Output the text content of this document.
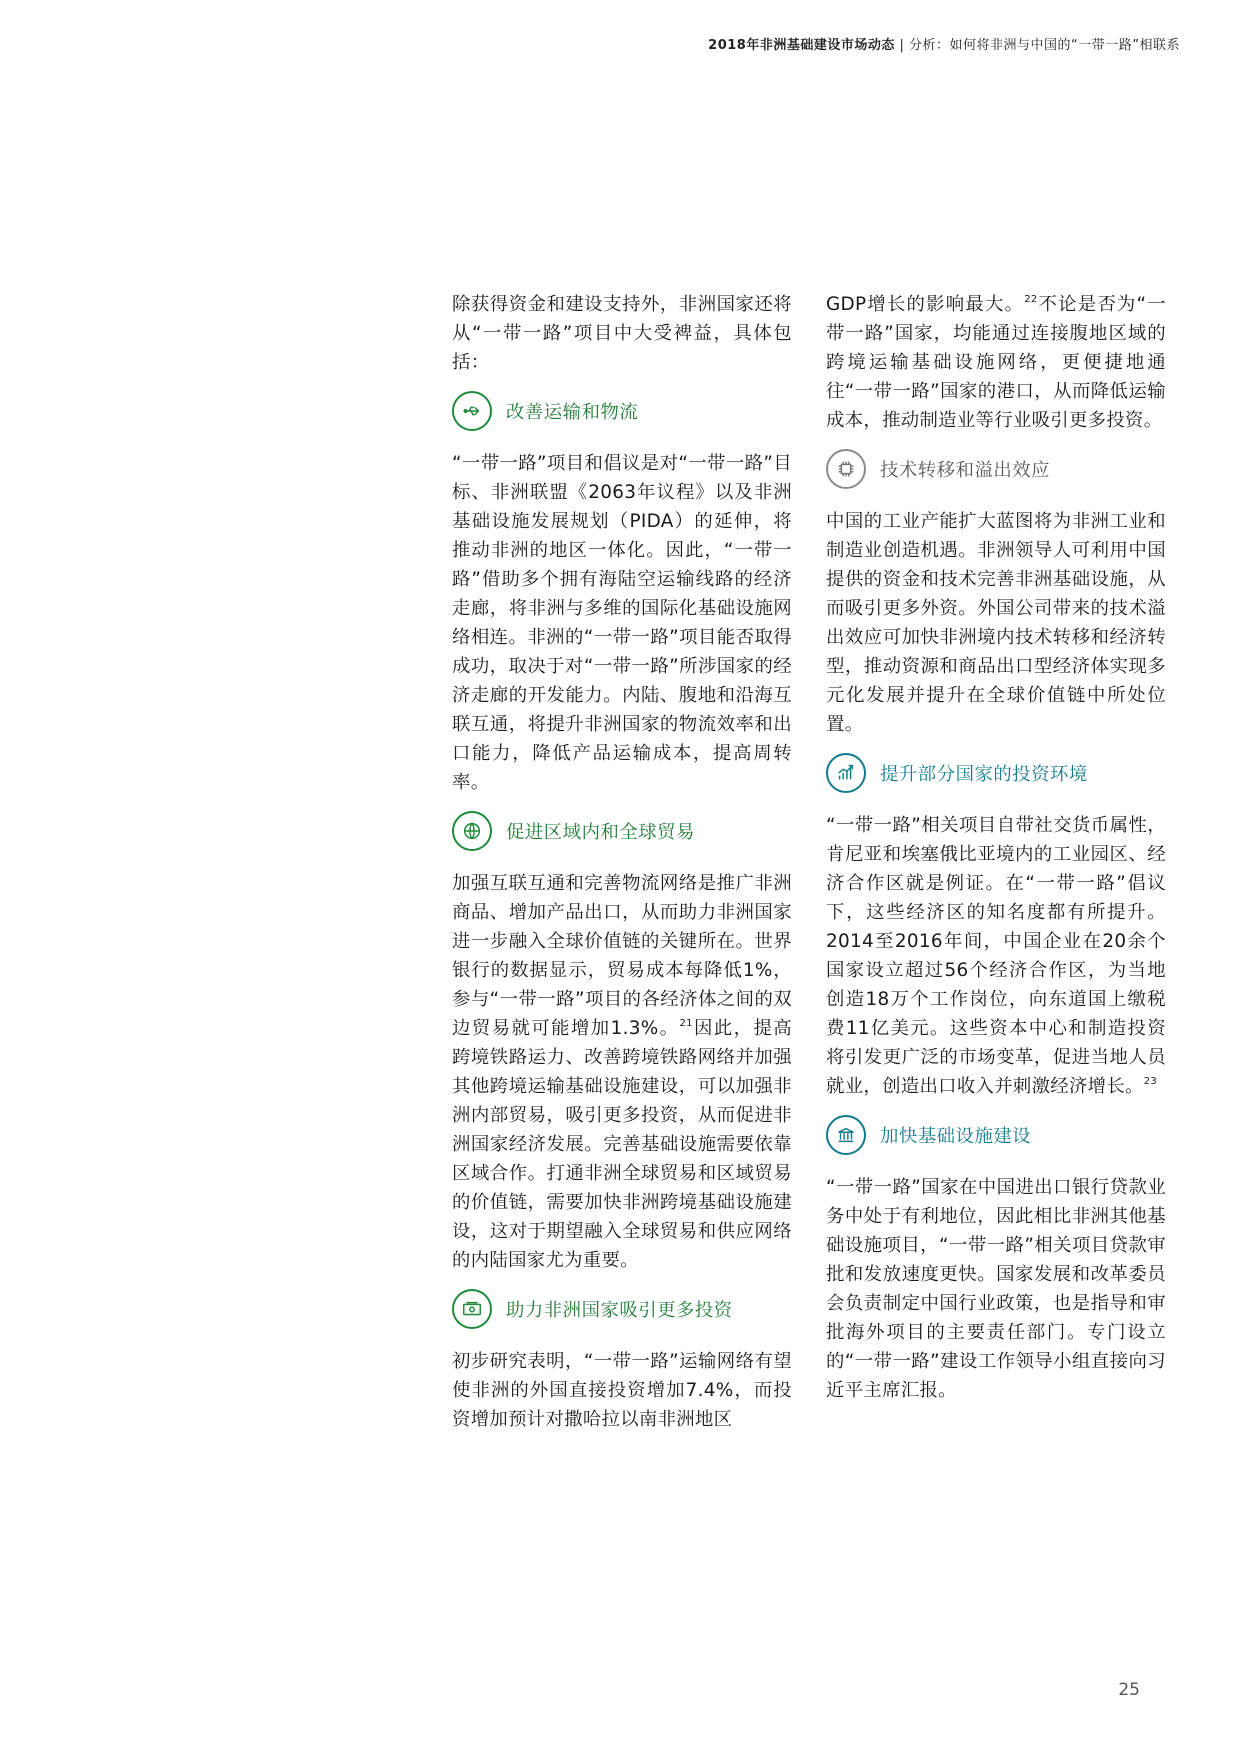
2018年非洲基础建设市场动态 | 分析：如何将非洲与中国的“一带一路”相联系

除获得资金和建设支持外，非洲国家还将从“一带一路”项目中大受裨益，具体包括：

改善运输和物流

“一带一路”项目和倡议是对“一带一路”目标、非洲联盟《2063年议程》以及非洲基础设施发展规划（PIDA）的延伸，将推动非洲的地区一体化。因此，“一带一路”借助多个拥有海陆空运输线路的经济走廊，将非洲与多维的国际化基础设施网络相连。非洲的“一带一路”项目能否取得成功，取决于对“一带一路”所涉国家的经济走廊的开发能力。内陆、腹地和沿海互联互通，将提升非洲国家的物流效率和出口能力，降低产品运输成本，提高周转率。

促进区域内和全球贸易

加强互联互通和完善物流网络是推广非洲商品、增加产品出口，从而助力非洲国家进一步融入全球价值链的关键所在。世界银行的数据显示，贸易成本每降低1%，参与“一带一路”项目的各经济体之间的双边贸易就可能增加1.3%。$^{21}$因此，提高跨境铁路运力、改善跨境铁路网络并加强其他跨境运输基础设施建设，可以加强非洲内部贸易，吸引更多投资，从而促进非洲国家经济发展。完善基础设施需要依靠区域合作。打通非洲全球贸易和区域贸易的价值链，需要加快非洲跨境基础设施建设，这对于期望融入全球贸易和供应网络的内陆国家尤为重要。

助力非洲国家吸引更多投资

初步研究表明，“一带一路”运输网络有望使非洲的外国直接投资增加7.4%，而投资增加预计对撒哈拉以南非洲地区

GDP增长的影响最大。$^{22}$不论是否为“一带一路”国家，均能通过连接腹地区域的跨境运输基础设施网络，更便捷地通往“一带一路”国家的港口，从而降低运输成本，推动制造业等行业吸引更多投资。

技术转移和溢出效应

中国的工业产能扩大蓝图将为非洲工业和制造业创造机遇。非洲领导人可利用中国提供的资金和技术完善非洲基础设施，从而吸引更多外资。外国公司带来的技术溢出效应可加快非洲境内技术转移和经济转型，推动资源和商品出口型经济体实现多元化发展并提升在全球价值链中所处位置。

提升部分国家的投资环境

“一带一路”相关项目自带社交货币属性，肯尼亚和埃塞俄比亚境内的工业园区、经济合作区就是例证。在“一带一路”倡议下，这些经济区的知名度都有所提升。2014至2016年间，中国企业在20余个国家设立超过56个经济合作区，为当地创造18万个工作岗位，向东道国上缴税费11亿美元。这些资本中心和制造投资将引发更广泛的市场变革，促进当地人员就业，创造出口收入并刺激经济增长。$^{23}$

加快基础设施建设

“一带一路”国家在中国进出口银行贷款业务中处于有利地位，因此相比非洲其他基础设施项目，“一带一路”相关项目贷款审批和发放速度更快。国家发展和改革委员会负责制定中国行业政策，也是指导和审批海外项目的主要责任部门。专门设立的“一带一路”建设工作领导小组直接向习近平主席汇报。

25
